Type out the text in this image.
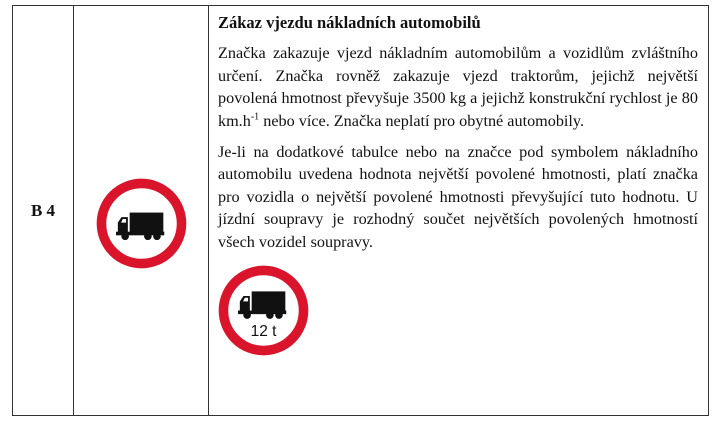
B 4
Zákaz vjezdu nákladních automobilů

Značka zakazuje vjezd nákladním automobilům a vozidlům zvláštního určení. Značka rovněž zakazuje vjezd traktorům, jejichž největší povolená hmotnost převyšuje 3500 kg a jejichž konstrukční rychlost je 80 $km.h^{-1}$ nebo více. Značka neplatí pro obytné automobily.

Je-li na dodatkové tabulce nebo na značce pod symbolem nákladního automobilu uvedena hodnota největší povolené hmotnosti, platí značka pro vozidla o největší povolené hmotnosti převyšující tuto hodnotu. U jízdní soupravy je rozhodný součet největších povolených hmotností všech vozidel soupravy.

12 t
